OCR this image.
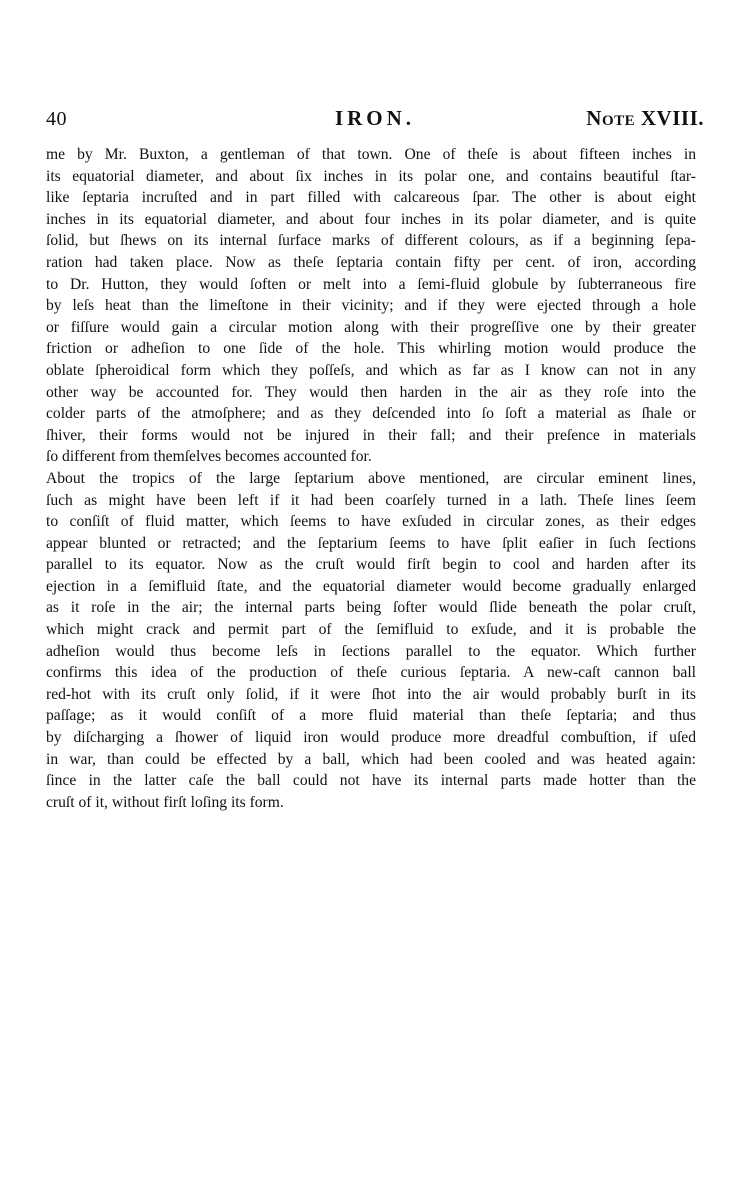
40	IRON.	Note XVIII.
me by Mr. Buxton, a gentleman of that town. One of theſe is about fifteen inches in
its equatorial diameter, and about ſix inches in its polar one, and contains beautiful ſtar-
like ſeptaria incruſted and in part filled with calcareous ſpar. The other is about eight
inches in its equatorial diameter, and about four inches in its polar diameter, and is quite
ſolid, but ſhews on its internal ſurface marks of different colours, as if a beginning ſepa-
ration had taken place. Now as theſe ſeptaria contain fifty per cent. of iron, according
to Dr. Hutton, they would ſoften or melt into a ſemi-fluid globule by ſubterraneous fire
by leſs heat than the limeſtone in their vicinity; and if they were ejected through a hole
or fiſſure would gain a circular motion along with their progreſſive one by their greater
friction or adheſion to one ſide of the hole. This whirling motion would produce the
oblate ſpheroidical form which they poſſeſs, and which as far as I know can not in any
other way be accounted for. They would then harden in the air as they roſe into the
colder parts of the atmoſphere; and as they deſcended into ſo ſoft a material as ſhale or
ſhiver, their forms would not be injured in their fall; and their preſence in materials
ſo different from themſelves becomes accounted for.
About the tropics of the large ſeptarium above mentioned, are circular eminent lines,
ſuch as might have been left if it had been coarſely turned in a lath. Theſe lines ſeem
to conſiſt of fluid matter, which ſeems to have exſuded in circular zones, as their edges
appear blunted or retracted; and the ſeptarium ſeems to have ſplit eaſier in ſuch ſections
parallel to its equator. Now as the cruſt would firſt begin to cool and harden after its
ejection in a ſemifluid ſtate, and the equatorial diameter would become gradually enlarged
as it roſe in the air; the internal parts being ſofter would ſlide beneath the polar cruſt,
which might crack and permit part of the ſemifluid to exſude, and it is probable the
adheſion would thus become leſs in ſections parallel to the equator. Which further
confirms this idea of the production of theſe curious ſeptaria. A new-caſt cannon ball
red-hot with its cruſt only ſolid, if it were ſhot into the air would probably burſt in its
paſſage; as it would conſiſt of a more fluid material than theſe ſeptaria; and thus
by diſcharging a ſhower of liquid iron would produce more dreadful combuſtion, if uſed
in war, than could be effected by a ball, which had been cooled and was heated again:
ſince in the latter caſe the ball could not have its internal parts made hotter than the
cruſt of it, without firſt loſing its form.
